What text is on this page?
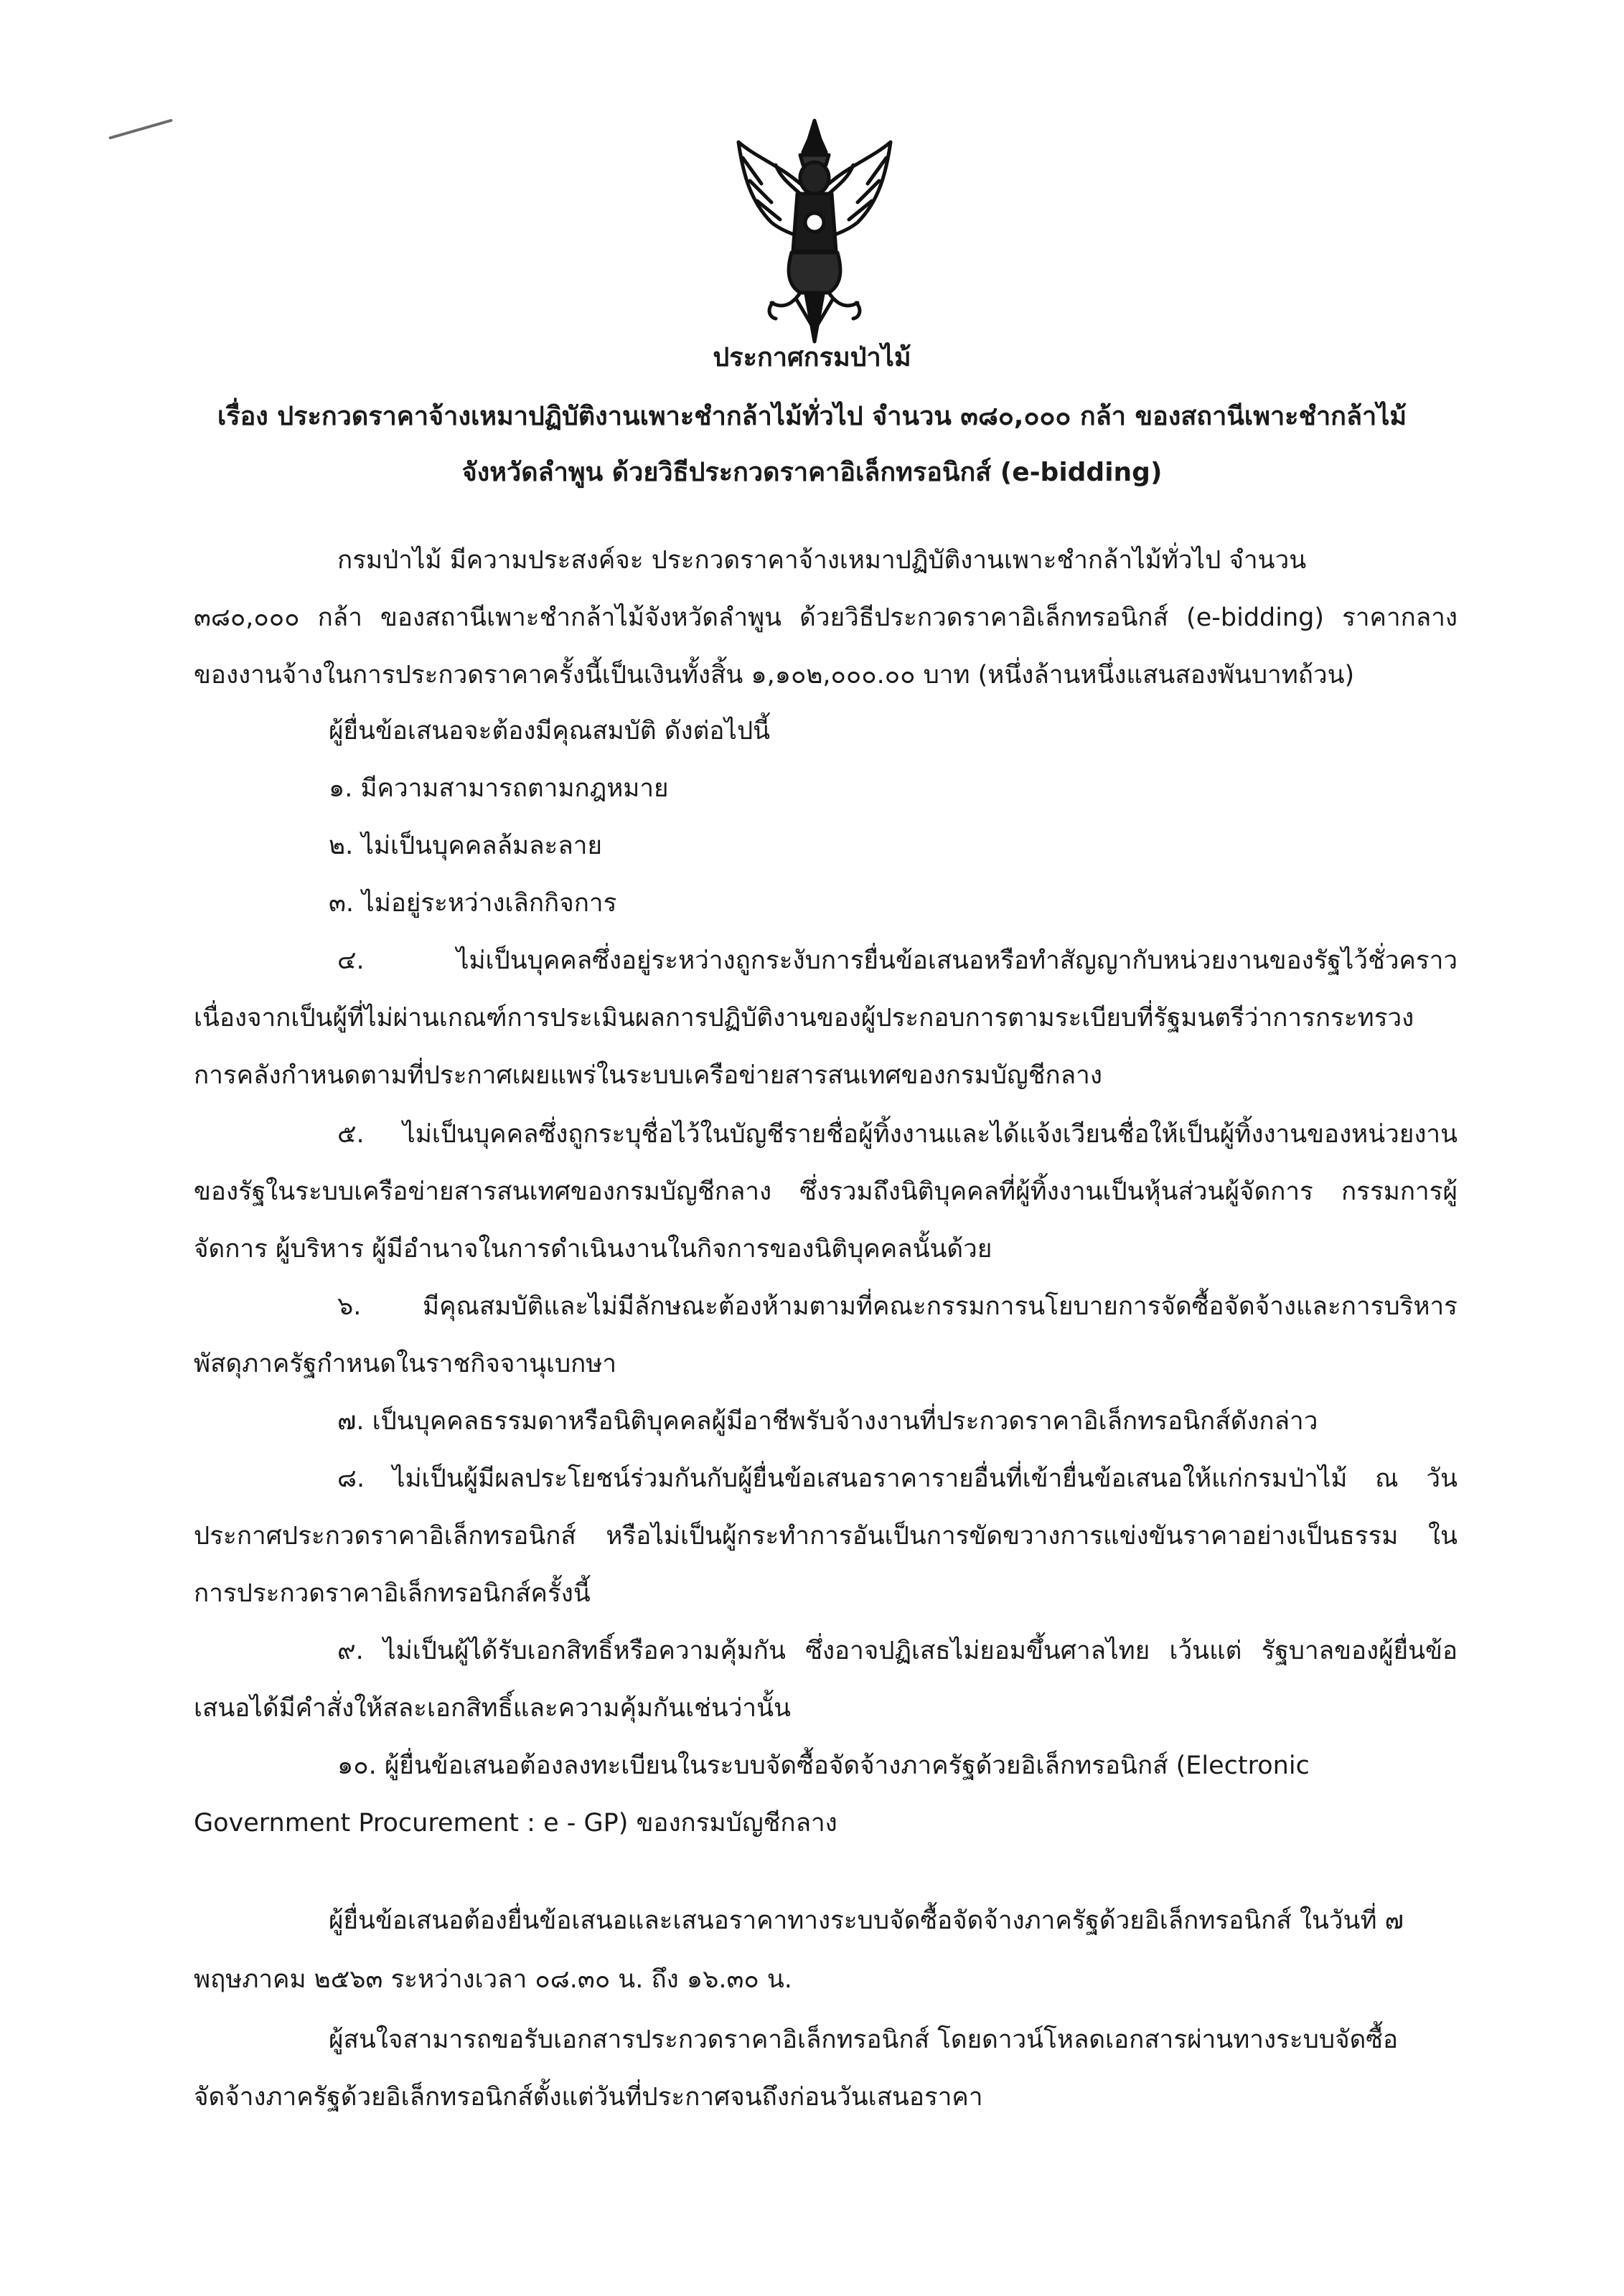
ประกาศกรมป่าไม้
เรื่อง ประกวดราคาจ้างเหมาปฏิบัติงานเพาะชำกล้าไม้ทั่วไป จำนวน ๓๘๐,๐๐๐ กล้า ของสถานีเพาะชำกล้าไม้
จังหวัดลำพูน ด้วยวิธีประกวดราคาอิเล็กทรอนิกส์ (e-bidding)
กรมป่าไม้ มีความประสงค์จะ ประกวดราคาจ้างเหมาปฏิบัติงานเพาะชำกล้าไม้ทั่วไป จำนวน
๓๘๐,๐๐๐ กล้า ของสถานีเพาะชำกล้าไม้จังหวัดลำพูน ด้วยวิธีประกวดราคาอิเล็กทรอนิกส์ (e-bidding) ราคากลาง
ของงานจ้างในการประกวดราคาครั้งนี้เป็นเงินทั้งสิ้น ๑,๑๐๒,๐๐๐.๐๐ บาท (หนึ่งล้านหนึ่งแสนสองพันบาทถ้วน)
ผู้ยื่นข้อเสนอจะต้องมีคุณสมบัติ ดังต่อไปนี้
๑. มีความสามารถตามกฎหมาย
๒. ไม่เป็นบุคคลล้มละลาย
๓. ไม่อยู่ระหว่างเลิกกิจการ
๔. ไม่เป็นบุคคลซึ่งอยู่ระหว่างถูกระงับการยื่นข้อเสนอหรือทำสัญญากับหน่วยงานของรัฐไว้ชั่วคราว
เนื่องจากเป็นผู้ที่ไม่ผ่านเกณฑ์การประเมินผลการปฏิบัติงานของผู้ประกอบการตามระเบียบที่รัฐมนตรีว่าการกระทรวง
การคลังกำหนดตามที่ประกาศเผยแพร่ในระบบเครือข่ายสารสนเทศของกรมบัญชีกลาง
๕. ไม่เป็นบุคคลซึ่งถูกระบุชื่อไว้ในบัญชีรายชื่อผู้ทิ้งงานและได้แจ้งเวียนชื่อให้เป็นผู้ทิ้งงานของหน่วยงาน
ของรัฐในระบบเครือข่ายสารสนเทศของกรมบัญชีกลาง ซึ่งรวมถึงนิติบุคคลที่ผู้ทิ้งงานเป็นหุ้นส่วนผู้จัดการ กรรมการผู้
จัดการ ผู้บริหาร ผู้มีอำนาจในการดำเนินงานในกิจการของนิติบุคคลนั้นด้วย
๖. มีคุณสมบัติและไม่มีลักษณะต้องห้ามตามที่คณะกรรมการนโยบายการจัดซื้อจัดจ้างและการบริหาร
พัสดุภาครัฐกำหนดในราชกิจจานุเบกษา
๗. เป็นบุคคลธรรมดาหรือนิติบุคคลผู้มีอาชีพรับจ้างงานที่ประกวดราคาอิเล็กทรอนิกส์ดังกล่าว
๘. ไม่เป็นผู้มีผลประโยชน์ร่วมกันกับผู้ยื่นข้อเสนอราคารายอื่นที่เข้ายื่นข้อเสนอให้แก่กรมป่าไม้ ณ วัน
ประกาศประกวดราคาอิเล็กทรอนิกส์ หรือไม่เป็นผู้กระทำการอันเป็นการขัดขวางการแข่งขันราคาอย่างเป็นธรรม ใน
การประกวดราคาอิเล็กทรอนิกส์ครั้งนี้
๙. ไม่เป็นผู้ได้รับเอกสิทธิ์หรือความคุ้มกัน ซึ่งอาจปฏิเสธไม่ยอมขึ้นศาลไทย เว้นแต่ รัฐบาลของผู้ยื่นข้อ
เสนอได้มีคำสั่งให้สละเอกสิทธิ์และความคุ้มกันเช่นว่านั้น
๑๐. ผู้ยื่นข้อเสนอต้องลงทะเบียนในระบบจัดซื้อจัดจ้างภาครัฐด้วยอิเล็กทรอนิกส์ (Electronic
Government Procurement : e - GP) ของกรมบัญชีกลาง
ผู้ยื่นข้อเสนอต้องยื่นข้อเสนอและเสนอราคาทางระบบจัดซื้อจัดจ้างภาครัฐด้วยอิเล็กทรอนิกส์ ในวันที่ ๗
พฤษภาคม ๒๕๖๓ ระหว่างเวลา ๐๘.๓๐ น. ถึง ๑๖.๓๐ น.
ผู้สนใจสามารถขอรับเอกสารประกวดราคาอิเล็กทรอนิกส์ โดยดาวน์โหลดเอกสารผ่านทางระบบจัดซื้อ
จัดจ้างภาครัฐด้วยอิเล็กทรอนิกส์ตั้งแต่วันที่ประกาศจนถึงก่อนวันเสนอราคา
